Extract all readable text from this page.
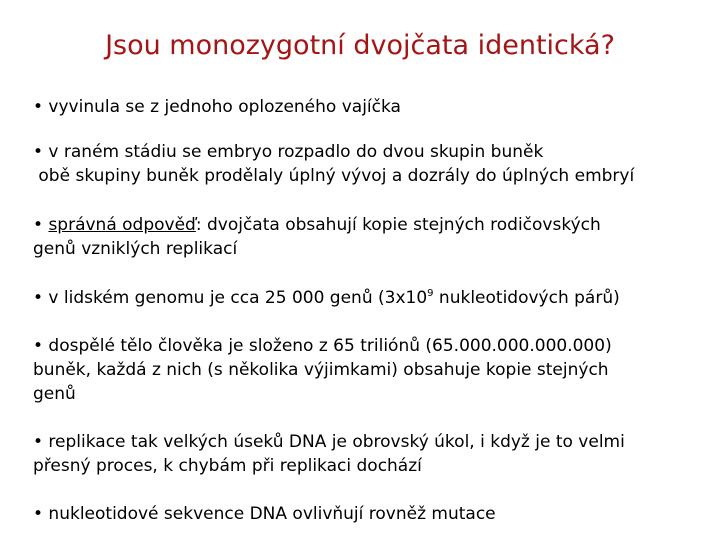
Jsou monozygotní dvojčata identická?
• vyvinula se z jednoho oplozeného vajíčka
• v raném stádiu se embryo rozpadlo do dvou skupin buněk
obě skupiny buněk prodělaly úplný vývoj a dozrály do úplných embryí
• správná odpověď: dvojčata obsahují kopie stejných rodičovských
genů vzniklých replikací
• v lidském genomu je cca 25 000 genů ($3x10^9$ nukleotidových párů)
• dospělé tělo člověka je složeno z 65 triliónů (65.000.000.000.000)
buněk, každá z nich (s několika výjimkami) obsahuje kopie stejných
genů
• replikace tak velkých úseků DNA je obrovský úkol, i když je to velmi
přesný proces, k chybám při replikaci dochází
• nukleotidové sekvence DNA ovlivňují rovněž mutace
